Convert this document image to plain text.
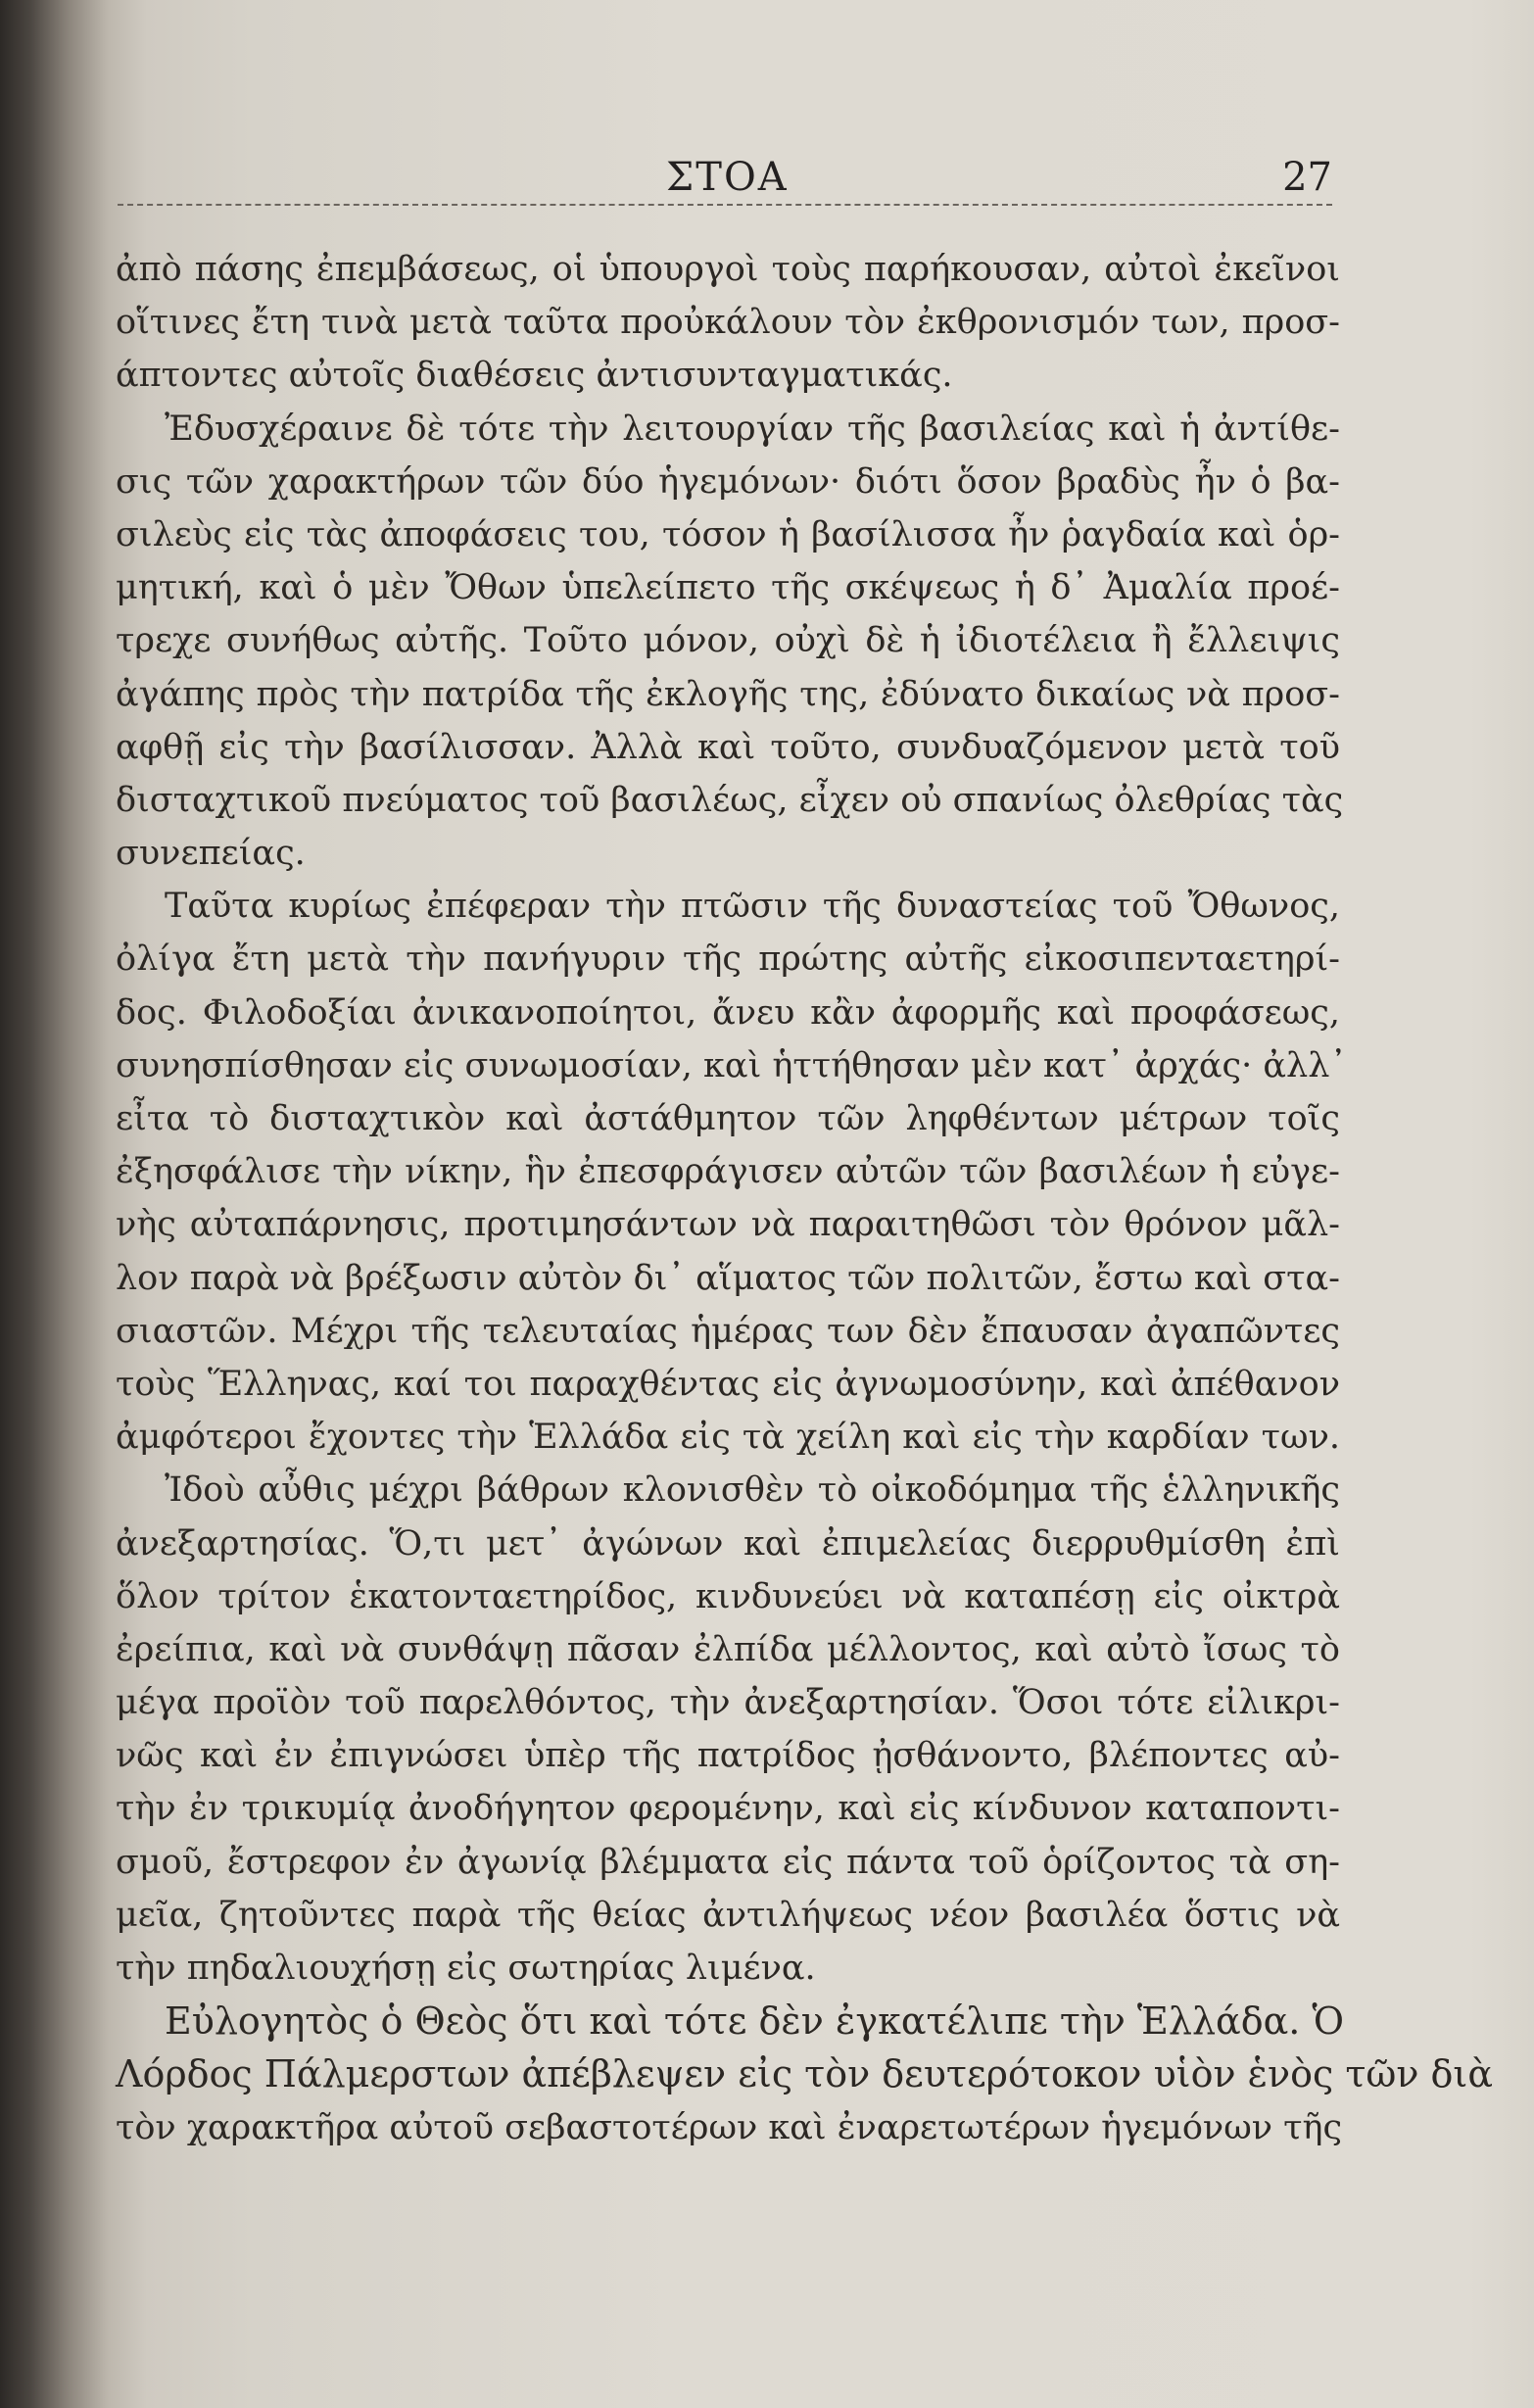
ΣΤΟΑ	27
ἀπὸ πάσης ἐπεμβάσεως, οἱ ὑπουργοὶ τοὺς παρήκουσαν, αὐτοὶ ἐκεῖνοι
οἵτινες ἔτη τινὰ μετὰ ταῦτα προὐκάλουν τὸν ἐκθρονισμόν των, προσ-
άπτοντες αὐτοῖς διαθέσεις ἀντισυνταγματικάς.
Ἐδυσχέραινε δὲ τότε τὴν λειτουργίαν τῆς βασιλείας καὶ ἡ ἀντίθε-
σις τῶν χαρακτήρων τῶν δύο ἡγεμόνων· διότι ὅσον βραδὺς ἦν ὁ βα-
σιλεὺς εἰς τὰς ἀποφάσεις του, τόσον ἡ βασίλισσα ἦν ῥαγδαία καὶ ὁρ-
μητική, καὶ ὁ μὲν Ὄθων ὑπελείπετο τῆς σκέψεως ἡ δ᾽ Ἀμαλία προέ-
τρεχε συνήθως αὐτῆς. Τοῦτο μόνον, οὐχὶ δὲ ἡ ἰδιοτέλεια ἢ ἔλλειψις
ἀγάπης πρὸς τὴν πατρίδα τῆς ἐκλογῆς της, ἐδύνατο δικαίως νὰ προσ-
αφθῇ εἰς τὴν βασίλισσαν. Ἀλλὰ καὶ τοῦτο, συνδυαζόμενον μετὰ τοῦ
δισταχτικοῦ πνεύματος τοῦ βασιλέως, εἶχεν οὐ σπανίως ὀλεθρίας τὰς
συνεπείας.
Ταῦτα κυρίως ἐπέφεραν τὴν πτῶσιν τῆς δυναστείας τοῦ Ὄθωνος,
ὀλίγα ἔτη μετὰ τὴν πανήγυριν τῆς πρώτης αὐτῆς εἰκοσιπενταετηρί-
δος. Φιλοδοξίαι ἀνικανοποίητοι, ἄνευ κἂν ἀφορμῆς καὶ προφάσεως,
συνησπίσθησαν εἰς συνωμοσίαν, καὶ ἡττήθησαν μὲν κατ᾽ ἀρχάς· ἀλλ᾽
εἶτα τὸ δισταχτικὸν καὶ ἀστάθμητον τῶν ληφθέντων μέτρων τοῖς
ἐξησφάλισε τὴν νίκην, ἣν ἐπεσφράγισεν αὐτῶν τῶν βασιλέων ἡ εὐγε-
νὴς αὐταπάρνησις, προτιμησάντων νὰ παραιτηθῶσι τὸν θρόνον μᾶλ-
λον παρὰ νὰ βρέξωσιν αὐτὸν δι᾽ αἵματος τῶν πολιτῶν, ἔστω καὶ στα-
σιαστῶν. Μέχρι τῆς τελευταίας ἡμέρας των δὲν ἔπαυσαν ἀγαπῶντες
τοὺς Ἕλληνας, καί τοι παραχθέντας εἰς ἀγνωμοσύνην, καὶ ἀπέθανον
ἀμφότεροι ἔχοντες τὴν Ἑλλάδα εἰς τὰ χείλη καὶ εἰς τὴν καρδίαν των.
Ἰδοὺ αὖθις μέχρι βάθρων κλονισθὲν τὸ οἰκοδόμημα τῆς ἑλληνικῆς
ἀνεξαρτησίας. Ὅ,τι μετ᾽ ἀγώνων καὶ ἐπιμελείας διερρυθμίσθη ἐπὶ
ὅλον τρίτον ἑκατονταετηρίδος, κινδυνεύει νὰ καταπέσῃ εἰς οἰκτρὰ
ἐρείπια, καὶ νὰ συνθάψῃ πᾶσαν ἐλπίδα μέλλοντος, καὶ αὐτὸ ἴσως τὸ
μέγα προϊὸν τοῦ παρελθόντος, τὴν ἀνεξαρτησίαν. Ὅσοι τότε εἰλικρι-
νῶς καὶ ἐν ἐπιγνώσει ὑπὲρ τῆς πατρίδος ᾐσθάνοντο, βλέποντες αὐ-
τὴν ἐν τρικυμίᾳ ἀνοδήγητον φερομένην, καὶ εἰς κίνδυνον καταποντι-
σμοῦ, ἔστρεφον ἐν ἀγωνίᾳ βλέμματα εἰς πάντα τοῦ ὁρίζοντος τὰ ση-
μεῖα, ζητοῦντες παρὰ τῆς θείας ἀντιλήψεως νέον βασιλέα ὅστις νὰ
τὴν πηδαλιουχήσῃ εἰς σωτηρίας λιμένα.
Εὐλογητὸς ὁ Θεὸς ὅτι καὶ τότε δὲν ἐγκατέλιπε τὴν Ἑλλάδα. Ὁ
Λόρδος Πάλμερστων ἀπέβλεψεν εἰς τὸν δευτερότοκον υἱὸν ἑνὸς τῶν διὰ
τὸν χαρακτῆρα αὐτοῦ σεβαστοτέρων καὶ ἐναρετωτέρων ἡγεμόνων τῆς
